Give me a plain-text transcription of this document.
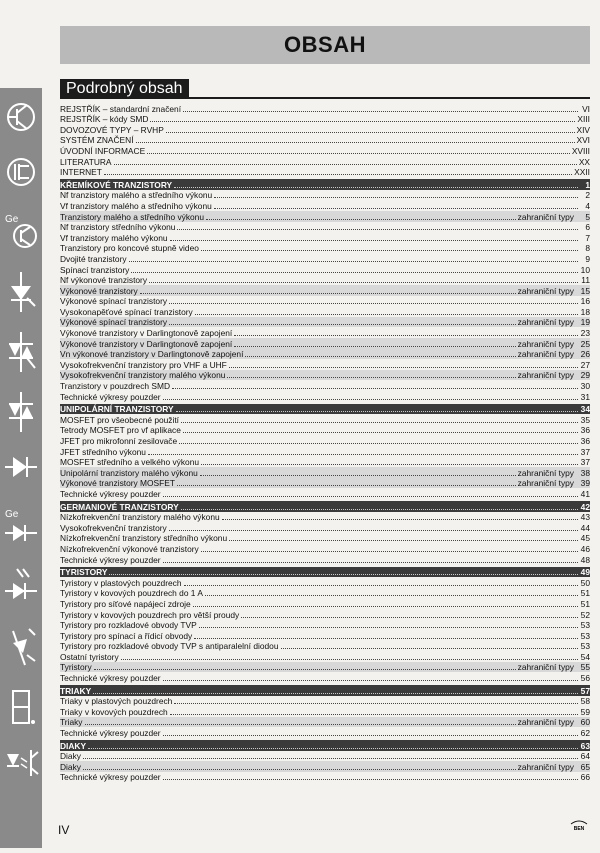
Ge
Ge
OBSAH
Podrobný obsah
REJSTŘÍK – standardní značení	VI
REJSTŘÍK – kódy SMD	XIII
DOVOZOVÉ TYPY – RVHP	XIV
SYSTÉM ZNAČENÍ	XVI
ÚVODNÍ INFORMACE	XVIII
LITERATURA	XX
INTERNET	XXII
KŘEMÍKOVÉ TRANZISTORY	1
Nf tranzistory malého a středního výkonu	2
Vf tranzistory malého a středního výkonu	4
Tranzistory malého a středního výkonu	zahraniční typy	5
Nf tranzistory středního výkonu	6
Vf tranzistory malého výkonu	7
Tranzistory pro koncové stupně video	8
Dvojité tranzistory	9
Spínací tranzistory	10
Nf výkonové tranzistory	11
Výkonové tranzistory	zahraniční typy 15
Výkonové spínací tranzistory	16
Vysokonapěťové spínací tranzistory	18
Výkonové spínací tranzistory	zahraniční typy 19
Výkonové tranzistory v Darlingtonově zapojení	23
Výkonové tranzistory v Darlingtonově zapojení	zahraniční typy 25
Vn výkonové tranzistory v Darlingtonově zapojení	zahraniční typy 26
Vysokofrekvenční tranzistory pro VHF a UHF	27
Vysokofrekvenční tranzistory malého výkonu	zahraniční typy 29
Tranzistory v pouzdrech SMD	30
Technické výkresy pouzder	31
UNIPOLÁRNÍ TRANZISTORY	34
MOSFET pro všeobecné použití	35
Tetrody MOSFET pro vf aplikace	36
JFET pro mikrofonní zesilovače	36
JFET středního výkonu	37
MOSFET středního a velkého výkonu	37
Unipolární tranzistory malého výkonu	zahraniční typy 38
Výkonové tranzistory MOSFET	zahraniční typy 39
Technické výkresy pouzder	41
GERMANIOVÉ TRANZISTORY	42
Nízkofrekvenční tranzistory malého výkonu	43
Vysokofrekvenční tranzistory	44
Nízkofrekvenční tranzistory středního výkonu	45
Nízkofrekvenční výkonové tranzistory	46
Technické výkresy pouzder	48
TYRISTORY	49
Tyristory v plastových pouzdrech	50
Tyristory v kovových pouzdrech do 1 A	51
Tyristory pro síťové napájecí zdroje	51
Tyristory v kovových pouzdrech pro větší proudy	52
Tyristory pro rozkladové obvody TVP	53
Tyristory pro spínací a řídicí obvody	53
Tyristory pro rozkladové obvody TVP s antiparalelní diodou	53
Ostatní tyristory	54
Tyristory	zahraniční typy 55
Technické výkresy pouzder	56
TRIAKY	57
Triaky v plastových pouzdrech	58
Triaky v kovových pouzdrech	59
Triaky	zahraniční typy 60
Technické výkresy pouzder	62
DIAKY	63
Diaky	64
Diaky	zahraniční typy 65
Technické výkresy pouzder	66
IV	BEN
